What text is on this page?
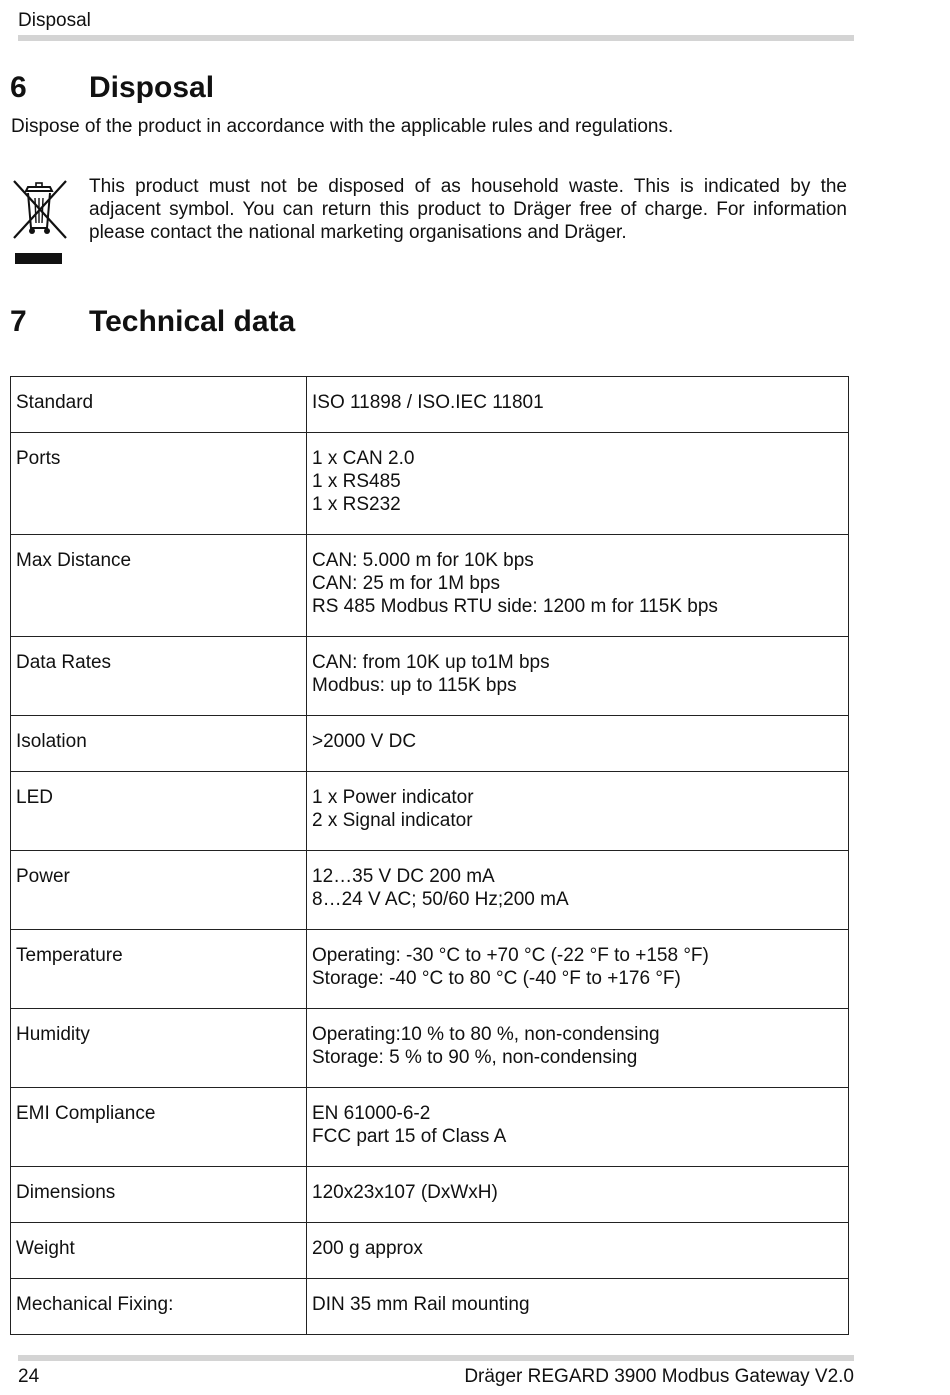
Disposal
6 Disposal

Dispose of the product in accordance with the applicable rules and regulations.

This product must not be disposed of as household waste. This is indicated by the adjacent symbol. You can return this product to Dräger free of charge. For information please contact the national marketing organisations and Dräger.

7 Technical data
Standard	ISO 11898 / ISO.IEC 11801

Ports	1 x CAN 2.0
1 x RS485
1 x RS232

Max Distance	CAN: 5.000 m for 10K bps
CAN: 25 m for 1M bps
RS 485 Modbus RTU side: 1200 m for 115K bps

Data Rates	CAN: from 10K up to1M bps
Modbus: up to 115K bps

Isolation	>2000 V DC

LED	1 x Power indicator
2 x Signal indicator

Power	12…35 V DC 200 mA
8…24 V AC; 50/60 Hz;200 mA

Temperature	Operating: -30 °C to +70 °C (-22 °F to +158 °F)
Storage: -40 °C to 80 °C (-40 °F to +176 °F)

Humidity	Operating:10 % to 80 %, non-condensing
Storage: 5 % to 90 %, non-condensing

EMI Compliance	EN 61000-6-2
FCC part 15 of Class A

Dimensions	120x23x107 (DxWxH)

Weight	200 g approx

Mechanical Fixing:	DIN 35 mm Rail mounting
24	Dräger REGARD 3900 Modbus Gateway V2.0
